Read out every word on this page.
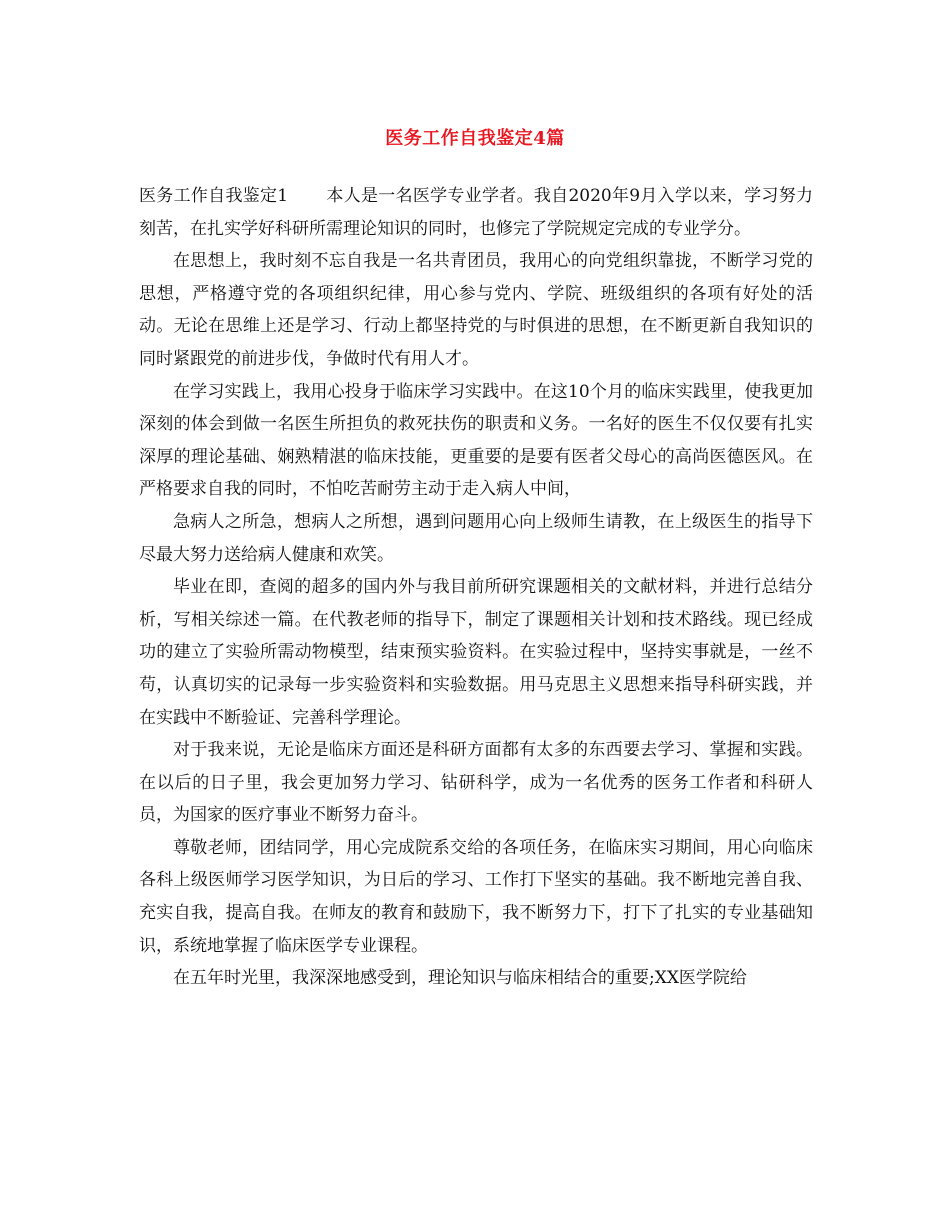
医务工作自我鉴定4篇

医务工作自我鉴定1 本人是一名医学专业学者。我自2020年9月入学以来，学习努力刻苦，在扎实学好科研所需理论知识的同时，也修完了学院规定完成的专业学分。

在思想上，我时刻不忘自我是一名共青团员，我用心的向党组织靠拢，不断学习党的思想，严格遵守党的各项组织纪律，用心参与党内、学院、班级组织的各项有好处的活动。无论在思维上还是学习、行动上都坚持党的与时俱进的思想，在不断更新自我知识的同时紧跟党的前进步伐，争做时代有用人才。

在学习实践上，我用心投身于临床学习实践中。在这10个月的临床实践里，使我更加深刻的体会到做一名医生所担负的救死扶伤的职责和义务。一名好的医生不仅仅要有扎实深厚的理论基础、娴熟精湛的临床技能，更重要的是要有医者父母心的高尚医德医风。在严格要求自我的同时，不怕吃苦耐劳主动于走入病人中间，

急病人之所急，想病人之所想，遇到问题用心向上级师生请教，在上级医生的指导下尽最大努力送给病人健康和欢笑。

毕业在即，查阅的超多的国内外与我目前所研究课题相关的文献材料，并进行总结分析，写相关综述一篇。在代教老师的指导下，制定了课题相关计划和技术路线。现已经成功的建立了实验所需动物模型，结束预实验资料。在实验过程中，坚持实事就是，一丝不苟，认真切实的记录每一步实验资料和实验数据。用马克思主义思想来指导科研实践，并在实践中不断验证、完善科学理论。

对于我来说，无论是临床方面还是科研方面都有太多的东西要去学习、掌握和实践。在以后的日子里，我会更加努力学习、钻研科学，成为一名优秀的医务工作者和科研人员，为国家的医疗事业不断努力奋斗。

尊敬老师，团结同学，用心完成院系交给的各项任务，在临床实习期间，用心向临床各科上级医师学习医学知识，为日后的学习、工作打下坚实的基础。我不断地完善自我、充实自我，提高自我。在师友的教育和鼓励下，我不断努力下，打下了扎实的专业基础知识，系统地掌握了临床医学专业课程。

在五年时光里，我深深地感受到，理论知识与临床相结合的重要;XX医学院给
